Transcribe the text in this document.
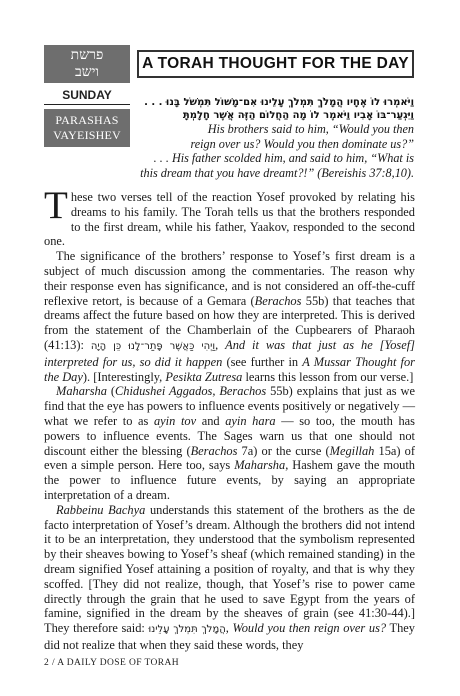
פרשת
וישב
SUNDAY
PARASHAS
VAYEISHEV
A TORAH THOUGHT FOR THE DAY
וַיֹּאמְרוּ לוֹ אֶחָיו הֲמָלֹךְ תִּמְלֹךְ עָלֵינוּ אִם־מָשׁוֹל תִּמְשֹׁל בָּנוּ . . .
וַיִּגְעַר־בּוֹ אָבִיו וַיֹּאמֶר לוֹ מָה הַחֲלוֹם הַזֶּה אֲשֶׁר חָלָמְתָּ
His brothers said to him, “Would you then
reign over us? Would you then dominate us?”
. . . His father scolded him, and said to him, “What is
this dream that you have dreamt?!” (Bereishis 37:8,10).

These two verses tell of the reaction Yosef provoked by relating his dreams to his family. The Torah tells us that the brothers responded to the first dream, while his father, Yaakov, responded to the second one.

The significance of the brothers’ response to Yosef’s first dream is a subject of much discussion among the commentaries. The reason why their response even has significance, and is not considered an off-the-cuff reflexive retort, is because of a Gemara (Berachos 55b) that teaches that dreams affect the future based on how they are interpreted. This is derived from the statement of the Chamberlain of the Cupbearers of Pharaoh (41:13): וַיְהִי כַּאֲשֶׁר פָּתַר־לָנוּ כֵּן הָיָה, And it was that just as he [Yosef] interpreted for us, so did it happen (see further in A Mussar Thought for the Day). [Interestingly, Pesikta Zutresa learns this lesson from our verse.]

Maharsha (Chidushei Aggados, Berachos 55b) explains that just as we find that the eye has powers to influence events positively or negatively — what we refer to as ayin tov and ayin hara — so too, the mouth has powers to influence events. The Sages warn us that one should not discount either the blessing (Berachos 7a) or the curse (Megillah 15a) of even a simple person. Here too, says Maharsha, Hashem gave the mouth the power to influence future events, by saying an appropriate interpretation of a dream.

Rabbeinu Bachya understands this statement of the brothers as the de facto interpretation of Yosef’s dream. Although the brothers did not intend it to be an interpretation, they understood that the symbolism represented by their sheaves bowing to Yosef’s sheaf (which remained standing) in the dream signified Yosef attaining a position of royalty, and that is why they scoffed. [They did not realize, though, that Yosef’s rise to power came directly through the grain that he used to save Egypt from the years of famine, signified in the dream by the sheaves of grain (see 41:30-44).] They therefore said: הֲמָלֹךְ תִּמְלֹךְ עָלֵינוּ, Would you then reign over us? They did not realize that when they said these words, they

2 / A DAILY DOSE OF TORAH
